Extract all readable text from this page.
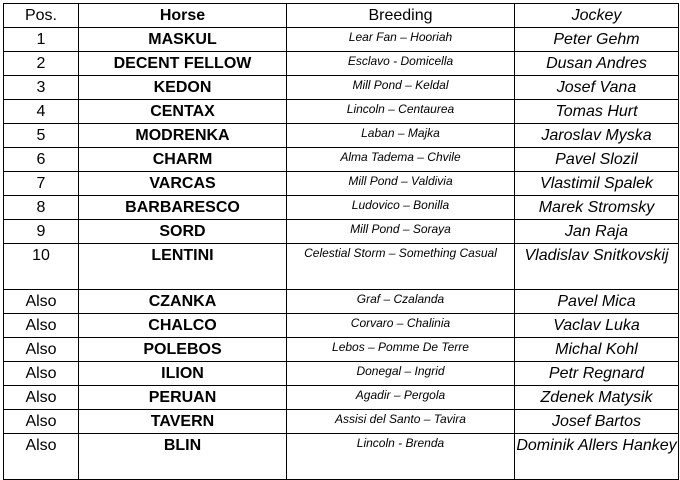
Pos.	Horse	Breeding	Jockey
1	MASKUL	Lear Fan – Hooriah	Peter Gehm
2	DECENT FELLOW	Esclavo - Domicella	Dusan Andres
3	KEDON	Mill Pond – Keldal	Josef Vana
4	CENTAX	Lincoln – Centaurea	Tomas Hurt
5	MODRENKA	Laban – Majka	Jaroslav Myska
6	CHARM	Alma Tadema – Chvile	Pavel Slozil
7	VARCAS	Mill Pond – Valdivia	Vlastimil Spalek
8	BARBARESCO	Ludovico – Bonilla	Marek Stromsky
9	SORD	Mill Pond – Soraya	Jan Raja
10	LENTINI	Celestial Storm – Something Casual	Vladislav Snitkovskij
Also	CZANKA	Graf – Czalanda	Pavel Mica
Also	CHALCO	Corvaro – Chalinia	Vaclav Luka
Also	POLEBOS	Lebos – Pomme De Terre	Michal Kohl
Also	ILION	Donegal – Ingrid	Petr Regnard
Also	PERUAN	Agadir – Pergola	Zdenek Matysik
Also	TAVERN	Assisi del Santo – Tavira	Josef Bartos
Also	BLIN	Lincoln - Brenda	Dominik Allers Hankey
